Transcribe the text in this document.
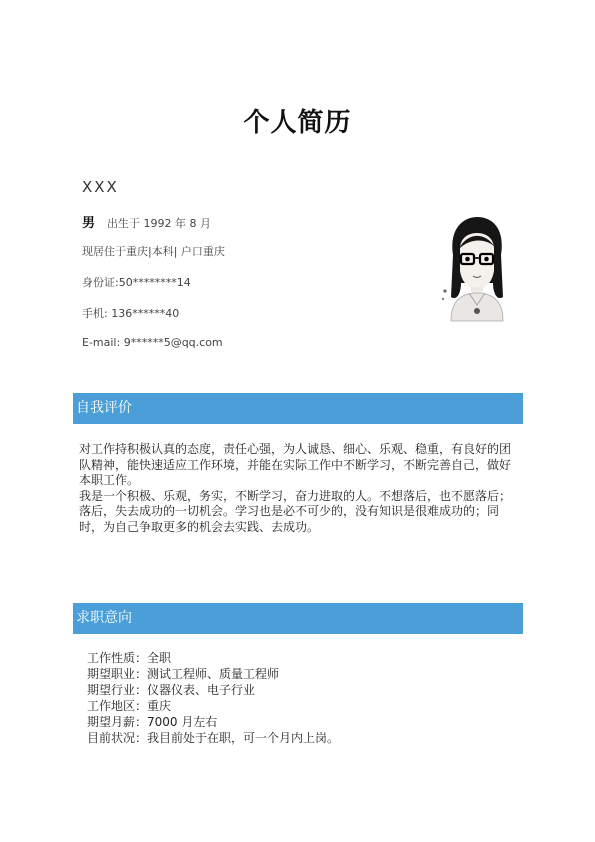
个人简历
XXX
男 出生于 1992 年 8 月
现居住于重庆|本科| 户口重庆
身份证:50********14
手机: 136******40
E-mail: 9******5@qq.com
自我评价

对工作持积极认真的态度，责任心强，为人诚恳、细心、乐观、稳重，有良好的团队精神，能快速适应工作环境，并能在实际工作中不断学习，不断完善自己，做好本职工作。

我是一个积极、乐观，务实，不断学习，奋力进取的人。不想落后，也不愿落后；落后，失去成功的一切机会。学习也是必不可少的，没有知识是很难成功的；同时，为自己争取更多的机会去实践、去成功。

求职意向
工作性质：全职
期望职业：测试工程师、质量工程师
期望行业：仪器仪表、电子行业
工作地区：重庆
期望月薪：7000 月左右
目前状况：我目前处于在职，可一个月内上岗。
